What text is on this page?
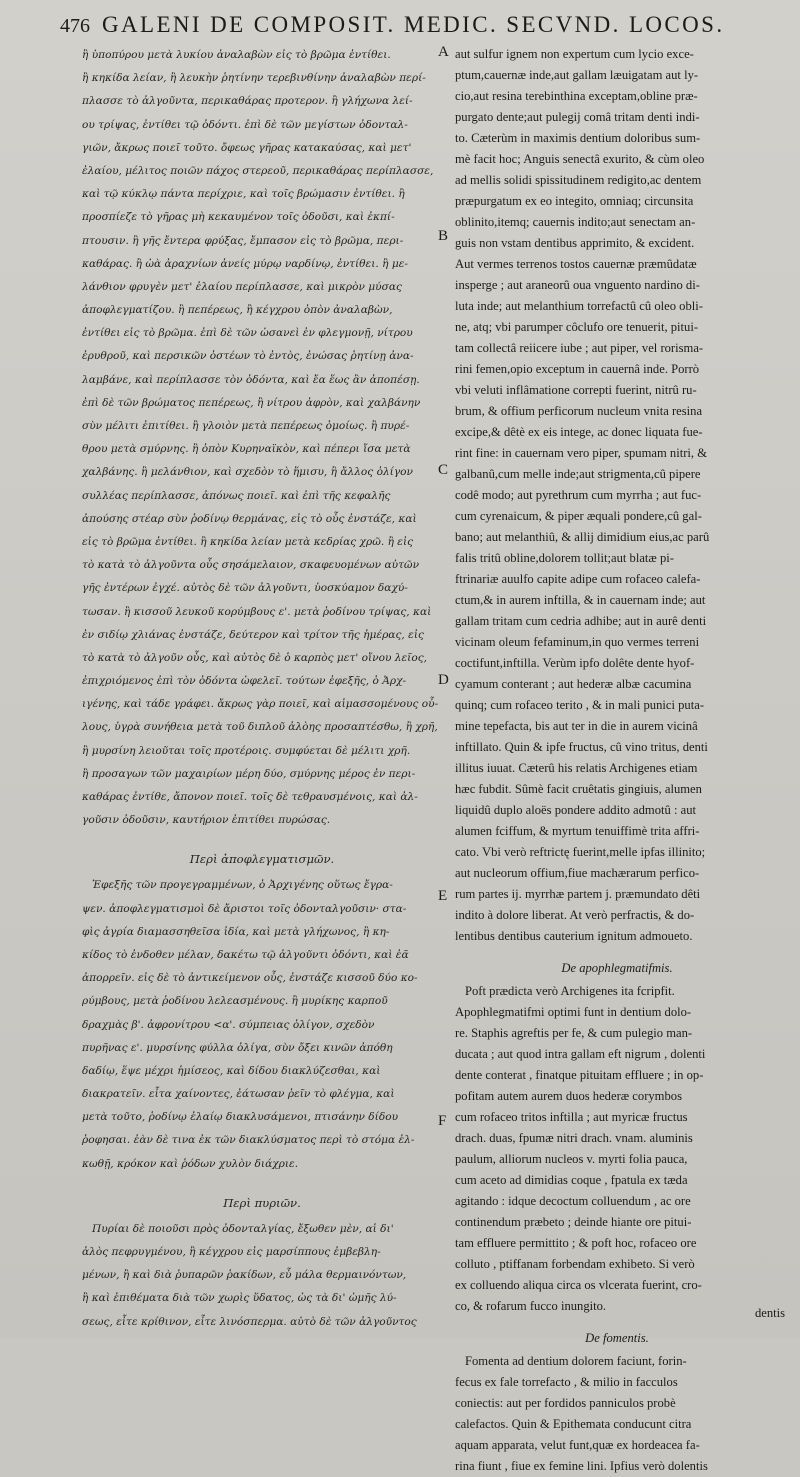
476 GALENI DE COMPOSIT. MEDIC. SECVND. LOCOS.
ἢ ὑποπύρου μετὰ λυκίου ἀναλαβὼν εἰς τὸ βρῶμα ἐντίθει.
ἢ κηκίδα λείαν, ἢ λευκὴν ῥητίνην τερεβινθίνην ἀναλαβὼν περί-
πλασσε τὸ ἀλγοῦντα, περικαθάρας προτερον. ἢ γλήχωνα λεί-
ου τρίψας, ἐντίθει τῷ ὀδόντι. ἐπὶ δὲ τῶν μεγίστων ὀδονταλ-
γιῶν, ἄκρως ποιεῖ τοῦτο. ὄφεως γῆρας κατακαύσας, καὶ μετ'
ἐλαίου, μέλιτος ποιῶν πάχος στερεοῦ, περικαθάρας περίπλασσε,
καὶ τῷ κύκλῳ πάντα περίχριε, καὶ τοῖς βρώμασιν ἐντίθει. ἢ
προσπίεζε τὸ γῆρας μὴ κεκαυμένον τοῖς ὀδοῦσι, καὶ ἐκπί-
πτουσιν. ἢ γῆς ἔντερα φρύξας, ἔμπασον εἰς τὸ βρῶμα, περι-
καθάρας. ἢ ὠὰ ἀραχνίων ἀνείς μύρῳ ναρδίνῳ, ἐντίθει. ἢ με-
λάνθιον φρυγὲν μετ' ἐλαίου περίπλασσε, καὶ μικρὸν μύσας
ἀποφλεγματίζου. ἢ πεπέρεως, ἢ κέγχρου ὀπὸν ἀναλαβὼν,
ἐντίθει εἰς τὸ βρῶμα. ἐπὶ δὲ τῶν ὡσανεὶ ἐν φλεγμονῇ, νίτρου
ἐρυθροῦ, καὶ περσικῶν ὀστέων τὸ ἐντὸς, ἐνώσας ῥητίνῃ ἀνα-
λαμβάνε, καὶ περίπλασσε τὸν ὀδόντα, καὶ ἔα ἕως ἂν ἀποπέσῃ.
ἐπὶ δὲ τῶν βρώματος πεπέρεως, ἢ νίτρου ἀφρὸν, καὶ χαλβάνην
σὺν μέλιτι ἐπιτίθει. ἢ γλοιὸν μετὰ πεπέρεως ὁμοίως. ἢ πυρέ-
θρου μετὰ σμύρνης. ἢ ὀπὸν Κυρηναϊκὸν, καὶ πέπερι ἴσα μετὰ
χαλβάνης. ἢ μελάνθιον, καὶ σχεδὸν τὸ ἥμισυ, ἢ ἄλλος ὀλίγον
συλλέας περίπλασσε, ἀπόνως ποιεῖ. καὶ ἐπὶ τῆς κεφαλῆς
ἀπούσης στέαρ σὺν ῥοδίνῳ θερμάνας, εἰς τὸ οὖς ἐνστάζε, καὶ
εἰς τὸ βρῶμα ἐντίθει. ἢ κηκίδα λείαν μετὰ κεδρίας χρῶ. ἢ εἰς
τὸ κατὰ τὸ ἀλγοῦντα οὖς σησάμελαιον, σκαφευομένων αὐτῶν
γῆς ἐντέρων ἐγχέ. αὐτὸς δὲ τῶν ἀλγοῦντι, ὑοσκύαμον δαχύ-
τωσαν. ἢ κισσοῦ λευκοῦ κορύμβους ε'. μετὰ ῥοδίνου τρίψας, καὶ
ἐν σιδίῳ χλιάνας ἐνστάζε, δεύτερον καὶ τρίτον τῆς ἡμέρας, εἰς
τὸ κατὰ τὸ ἀλγοῦν οὖς, καὶ αὐτὸς δὲ ὁ καρπὸς μετ' οἴνου λεῖος,
ἐπιχριόμενος ἐπὶ τὸν ὀδόντα ὠφελεῖ. τούτων ἐφεξῆς, ὁ Ἀρχ-
ιγένης, καὶ τάδε γράφει. ἄκρως γὰρ ποιεῖ, καὶ αἱμασσομένους οὖ-
λους, ὑγρὰ συνήθεια μετὰ τοῦ διπλοῦ ἀλὸης προσαπτέσθω, ἢ χρῆ,
ἢ μυρσίνη λειοῦται τοῖς προτέροις. συμφύεται δὲ μέλιτι χρῆ.
ἢ προσαγων τῶν μαχαιρίων μέρη δύο, σμύρνης μέρος ἐν περι-
καθάρας ἐντίθε, ἄπονον ποιεῖ. τοῖς δὲ τεθραυσμένοις, καὶ ἀλ-
γοῦσιν ὀδοῦσιν, καυτήριον ἐπιτίθει πυρώσας.
Περὶ ἀποφλεγματισμῶν.
Ἐφεξῆς τῶν προγεγραμμένων, ὁ Ἀρχιγένης οὕτως ἔγρα-
ψεν. ἀποφλεγματισμοὶ δὲ ἄριστοι τοῖς ὀδονταλγοῦσιν· στα-
φὶς ἀγρία διαμασσηθεῖσα ἰδία, καὶ μετὰ γλήχωνος, ἢ κη-
κίδος τὸ ἐνδοθεν μέλαν, δακέτω τῷ ἀλγοῦντι ὀδόντι, καὶ ἐᾶ
ἀπορρεῖν. εἰς δὲ τὸ ἀντικείμενον οὖς, ἐνστάζε κισσοῦ δύο κο-
ρύμβους, μετὰ ῥοδίνου λελεασμένους. ἢ μυρίκης καρποῦ
δραχμὰς β'. ἀφρονίτρου <α'. σύμπειας ὀλίγον, σχεδὸν
πυρῆνας ε'. μυρσίνης φύλλα ὀλίγα, σὺν ὄξει κινῶν ἀπόθη
δαδίῳ, ἕψε μέχρι ἡμίσεος, καὶ δίδου διακλύζεσθαι, καὶ
διακρατεῖν. εἶτα χαίνοντες, ἐάτωσαν ῥεῖν τὸ φλέγμα, καὶ
μετὰ τοῦτο, ῥοδίνῳ ἐλαίῳ διακλυσάμενοι, πτισάνην δίδου
ῥοφησαι. ἐὰν δὲ τινα ἐκ τῶν διακλύσματος περὶ τὸ στόμα ἑλ-
κωθῇ, κρόκον καὶ ῥόδων χυλὸν διάχριε.
Περὶ πυριῶν.
Πυρίαι δὲ ποιοῦσι πρὸς ὀδονταλγίας, ἔξωθεν μὲν, αἱ δι'
ἁλὸς πεφρυγμένου, ἢ κέγχρου εἰς μαρσίππους ἐμβεβλη-
μένων, ἢ καὶ διὰ ῥυπαρῶν ῥακίδων, εὖ μάλα θερμαινόντων,
ἢ καὶ ἐπιθέματα διὰ τῶν χωρὶς ὕδατος, ὡς τὰ δι' ὠμῆς λύ-
σεως, εἶτε κρίθινον, εἶτε λινόσπερμα. αὐτὸ δὲ τῶν ἀλγοῦντος
aut sulfur ignem non expertum cum lycio exce-
ptum,cauernæ inde,aut gallam læuigatam aut ly-
cio,aut resina terebinthina exceptam,obline præ-
purgato dente;aut pulegij comâ tritam denti indi-
to. Cæterùm in maximis dentium doloribus sum-
mè facit hoc; Anguis senectâ exurito, & cùm oleo
ad mellis solidi spissitudinem redigito,ac dentem
præpurgatum ex eo integito, omniaq; circunsita
oblinito,itemq; cauernis indito;aut senectam an-
guis non vstam dentibus apprimito, & excident.
Aut vermes terrenos tostos cauernæ præmûdatæ
insperge ; aut araneorû oua vnguento nardino di-
luta inde; aut melanthium torrefactû cû oleo obli-
ne, atq; vbi parumper côclufo ore tenuerit, pitui-
tam collectâ reiicere iube ; aut piper, vel rorisma-
rini femen,opio exceptum in cauernâ inde. Porrò
vbi veluti inflâmatione correpti fuerint, nitrû ru-
brum, & offium perficorum nucleum vnita resina
excipe,& dêtè ex eis intege, ac donec liquata fue-
rint fine: in cauernam vero piper, spumam nitri, &
galbanû,cum melle inde;aut strigmenta,cû pipere
codê modo; aut pyrethrum cum myrrha ; aut fuc-
cum cyrenaicum, & piper æquali pondere,cû gal-
bano; aut melanthiû, & allij dimidium eius,ac parû
falis tritû obline,dolorem tollit;aut blatæ pi-
ftrinariæ auulfo capite adipe cum rofaceo calefa-
ctum,& in aurem inftilla, & in cauernam inde; aut
gallam tritam cum cedria adhibe; aut in aurê denti
vicinam oleum fefaminum,in quo vermes terreni
coctifunt,inftilla. Verùm ipfo dolête dente hyof-
cyamum conterant ; aut hederæ albæ cacumina
quinq; cum rofaceo terito , & in mali punici puta-
mine tepefacta, bis aut ter in die in aurem vicinâ
inftillato. Quin & ipfe fructus, cû vino tritus, denti
illitus iuuat. Cæterû his relatis Archigenes etiam
hæc fubdit. Sûmè facit cruêtatis gingiuis, alumen
liquidû duplo aloës pondere addito admotû : aut
alumen fciffum, & myrtum tenuiffimè trita affri-
cato. Vbi verò reftrictę fuerint,melle ipfas illinito;
aut nucleorum offium,fiue machærarum perfico-
rum partes ij. myrrhæ partem j. præmundato dêti
indito à dolore liberat. At verò perfractis, & do-
lentibus dentibus cauterium ignitum admoueto.
De apophlegmatifmis.
Poft prædicta verò Archigenes ita fcripfit.
Apophlegmatifmi optimi funt in dentium dolo-
re. Staphis agreftis per fe, & cum pulegio man-
ducata ; aut quod intra gallam eft nigrum , dolenti
dente conterat , finatque pituitam effluere ; in op-
pofitam autem aurem duos hederæ corymbos
cum rofaceo tritos inftilla ; aut myricæ fructus
drach. duas, fpumæ nitri drach. vnam. aluminis
paulum, alliorum nucleos v. myrti folia pauca,
cum aceto ad dimidias coque , fpatula ex tæda
agitando : idque decoctum colluendum , ac ore
continendum præbeto ; deinde hiante ore pitui-
tam effluere permittito ; & poft hoc, rofaceo ore
colluto , ptiffanam forbendam exhibeto. Si verò
ex colluendo aliqua circa os vlcerata fuerint, cro-
co, & rofarum fucco inungito.
De fomentis.
Fomenta ad dentium dolorem faciunt, forin-
fecus ex fale torrefacto , & milio in facculos
coniectis: aut per fordidos panniculos probè
calefactos. Quin & Epithemata conducunt citra
aquam apparata, velut funt,quæ ex hordeacea fa-
rina fiunt , fiue ex femine lini. Ipfius verò dolentis
A
B
C
D
E
F
dentis
